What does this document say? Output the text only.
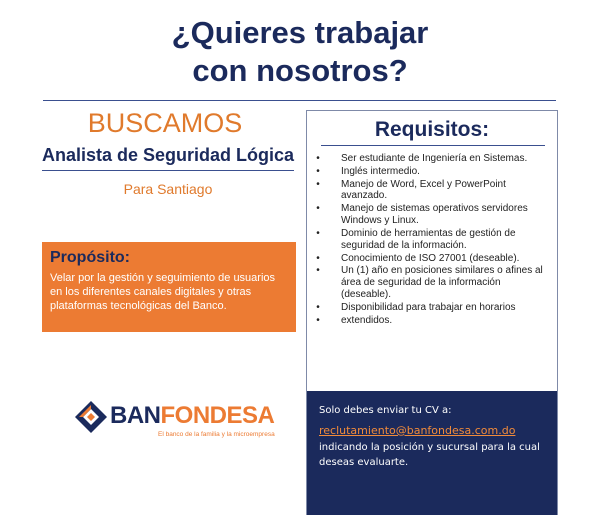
¿Quieres trabajar
con nosotros?
BUSCAMOS
Analista de Seguridad Lógica
Para Santiago
Propósito:
Velar por la gestión y seguimiento de usuarios en los diferentes canales digitales y otras plataformas tecnológicas del Banco.
Requisitos:
•	Ser estudiante de Ingeniería en Sistemas.
•	Inglés intermedio.
•	Manejo de Word, Excel y PowerPoint avanzado.
•	Manejo de sistemas operativos servidores Windows y Linux.
•	Dominio de herramientas de gestión de seguridad de la información.
•	Conocimiento de ISO 27001 (deseable).
•	Un (1) año en posiciones similares o afines al área de seguridad de la información (deseable).
•	Disponibilidad para trabajar en horarios
•	extendidos.
Solo debes enviar tu CV a:
reclutamiento@banfondesa.com.do
indicando la posición y sucursal para la cual deseas evaluarte.
BANFONDESA
El banco de la familia y la microempresa
